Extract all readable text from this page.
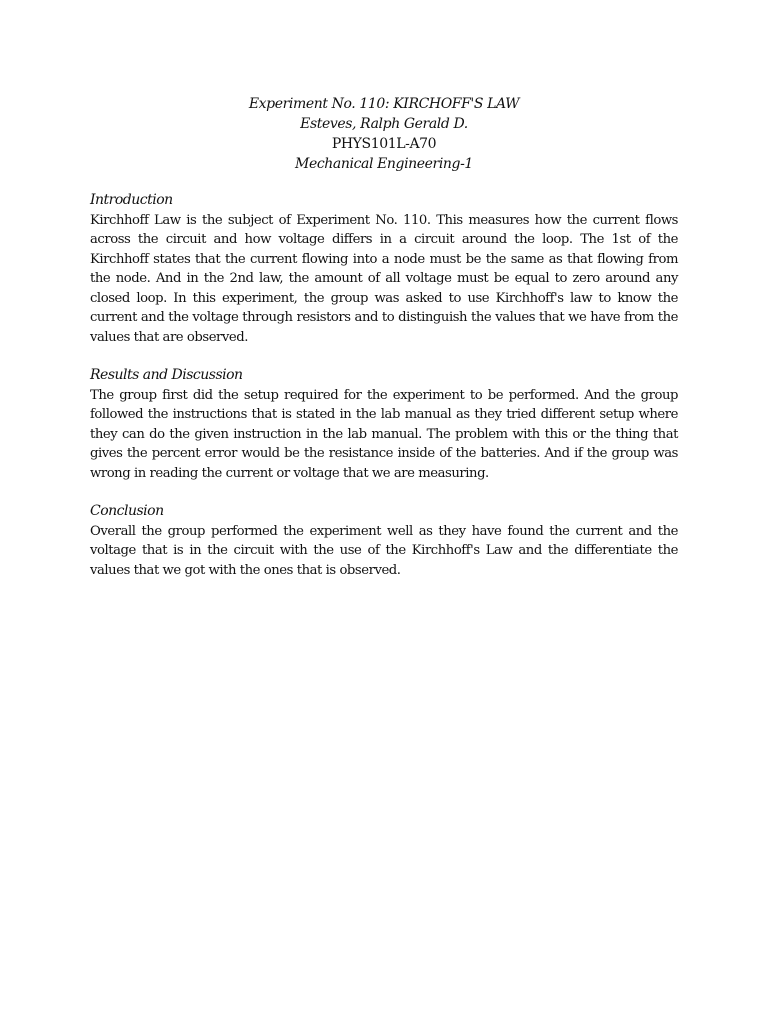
Experiment No. 110: KIRCHOFF'S LAW
Esteves, Ralph Gerald D.
PHYS101L-A70
Mechanical Engineering-1
Introduction

Kirchhoff Law is the subject of Experiment No. 110. This measures how the current flows across the circuit and how voltage differs in a circuit around the loop. The 1st of the Kirchhoff states that the current flowing into a node must be the same as that flowing from the node. And in the 2nd law, the amount of all voltage must be equal to zero around any closed loop. In this experiment, the group was asked to use Kirchhoff's law to know the current and the voltage through resistors and to distinguish the values that we have from the values that are observed.

Results and Discussion

The group first did the setup required for the experiment to be performed. And the group followed the instructions that is stated in the lab manual as they tried different setup where they can do the given instruction in the lab manual. The problem with this or the thing that gives the percent error would be the resistance inside of the batteries. And if the group was wrong in reading the current or voltage that we are measuring.

Conclusion

Overall the group performed the experiment well as they have found the current and the voltage that is in the circuit with the use of the Kirchhoff's Law and the differentiate the values that we got with the ones that is observed.
